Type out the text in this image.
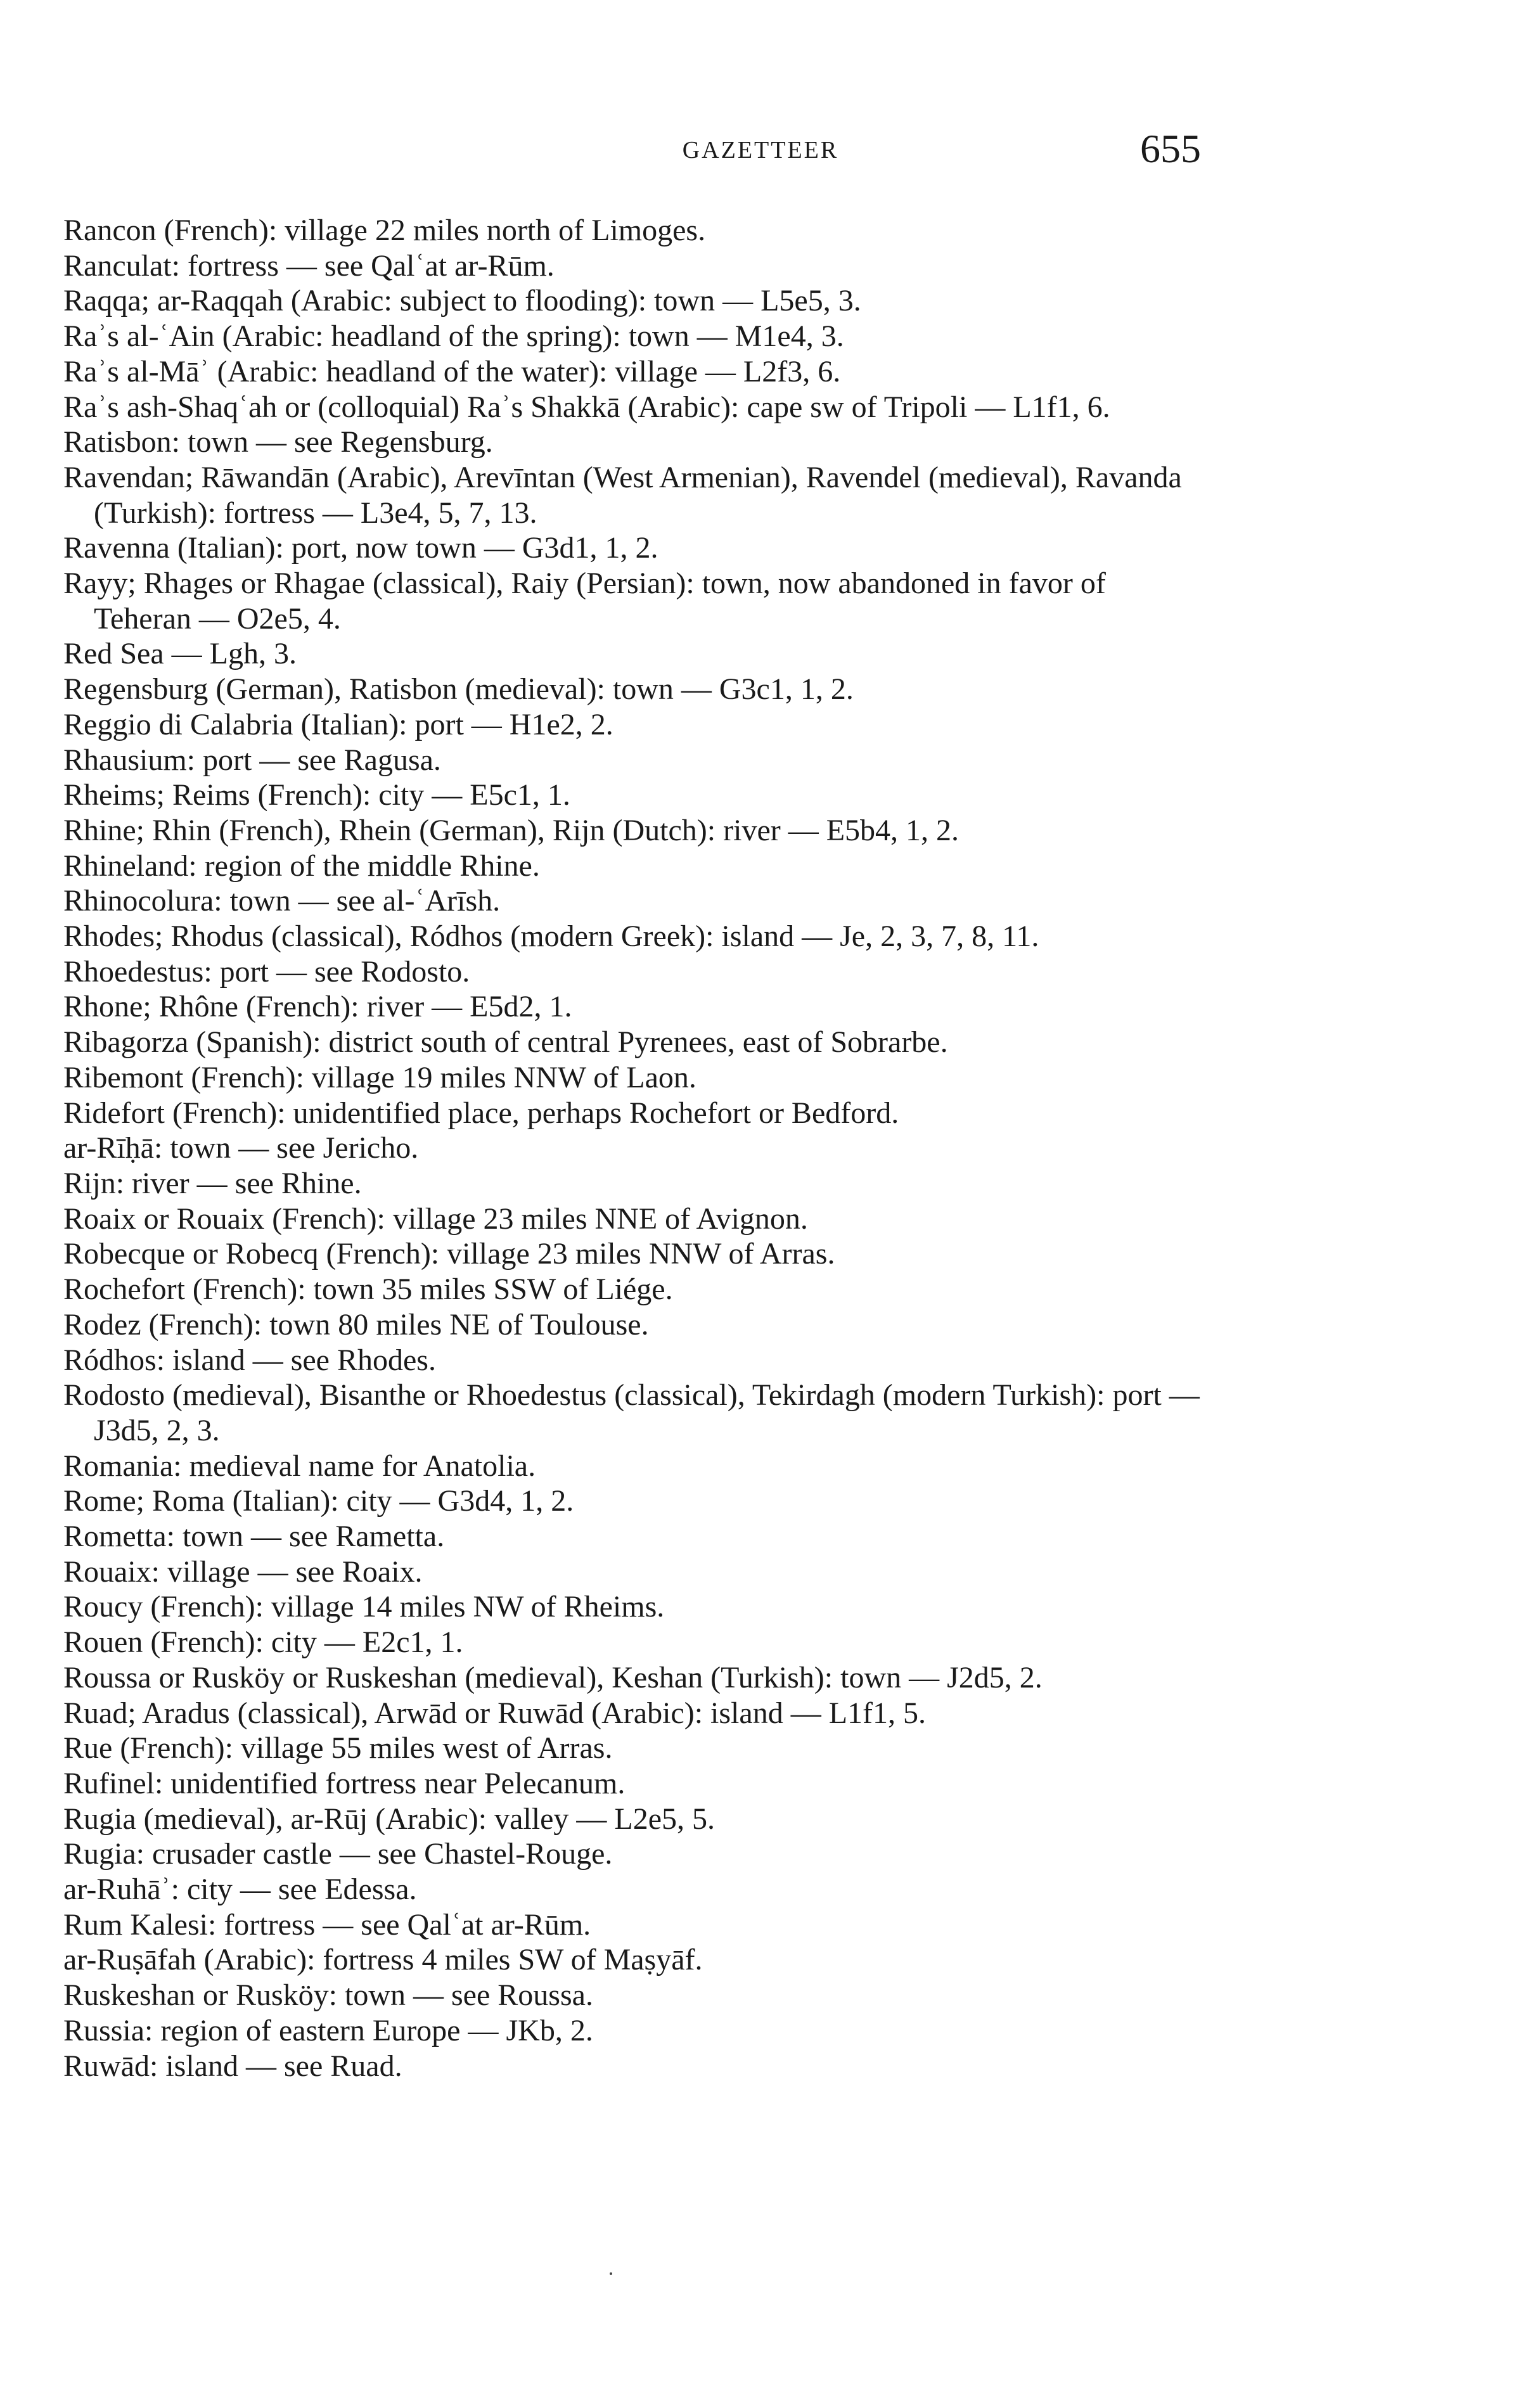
GAZETTEER	655
Rancon (French): village 22 miles north of Limoges.
Ranculat: fortress — see Qalʿat ar-Rūm.
Raqqa; ar-Raqqah (Arabic: subject to flooding): town — L5e5, 3.
Raʾs al-ʿAin (Arabic: headland of the spring): town — M1e4, 3.
Raʾs al-Māʾ (Arabic: headland of the water): village — L2f3, 6.
Raʾs ash-Shaqʿah or (colloquial) Raʾs Shakkā (Arabic): cape sw of Tripoli — L1f1, 6.
Ratisbon: town — see Regensburg.
Ravendan; Rāwandān (Arabic), Arevīntan (West Armenian), Ravendel (medieval), Ravanda (Turkish): fortress — L3e4, 5, 7, 13.
Ravenna (Italian): port, now town — G3d1, 1, 2.
Rayy; Rhages or Rhagae (classical), Raiy (Persian): town, now abandoned in favor of Teheran — O2e5, 4.
Red Sea — Lgh, 3.
Regensburg (German), Ratisbon (medieval): town — G3c1, 1, 2.
Reggio di Calabria (Italian): port — H1e2, 2.
Rhausium: port — see Ragusa.
Rheims; Reims (French): city — E5c1, 1.
Rhine; Rhin (French), Rhein (German), Rijn (Dutch): river — E5b4, 1, 2.
Rhineland: region of the middle Rhine.
Rhinocolura: town — see al-ʿArīsh.
Rhodes; Rhodus (classical), Ródhos (modern Greek): island — Je, 2, 3, 7, 8, 11.
Rhoedestus: port — see Rodosto.
Rhone; Rhône (French): river — E5d2, 1.
Ribagorza (Spanish): district south of central Pyrenees, east of Sobrarbe.
Ribemont (French): village 19 miles NNW of Laon.
Ridefort (French): unidentified place, perhaps Rochefort or Bedford.
ar-Rīḥā: town — see Jericho.
Rijn: river — see Rhine.
Roaix or Rouaix (French): village 23 miles NNE of Avignon.
Robecque or Robecq (French): village 23 miles NNW of Arras.
Rochefort (French): town 35 miles SSW of Liége.
Rodez (French): town 80 miles NE of Toulouse.
Ródhos: island — see Rhodes.
Rodosto (medieval), Bisanthe or Rhoedestus (classical), Tekirdagh (modern Turkish): port — J3d5, 2, 3.
Romania: medieval name for Anatolia.
Rome; Roma (Italian): city — G3d4, 1, 2.
Rometta: town — see Rametta.
Rouaix: village — see Roaix.
Roucy (French): village 14 miles NW of Rheims.
Rouen (French): city — E2c1, 1.
Roussa or Rusköy or Ruskeshan (medieval), Keshan (Turkish): town — J2d5, 2.
Ruad; Aradus (classical), Arwād or Ruwād (Arabic): island — L1f1, 5.
Rue (French): village 55 miles west of Arras.
Rufinel: unidentified fortress near Pelecanum.
Rugia (medieval), ar-Rūj (Arabic): valley — L2e5, 5.
Rugia: crusader castle — see Chastel-Rouge.
ar-Ruhāʾ: city — see Edessa.
Rum Kalesi: fortress — see Qalʿat ar-Rūm.
ar-Ruṣāfah (Arabic): fortress 4 miles SW of Maṣyāf.
Ruskeshan or Rusköy: town — see Roussa.
Russia: region of eastern Europe — JKb, 2.
Ruwād: island — see Ruad.
